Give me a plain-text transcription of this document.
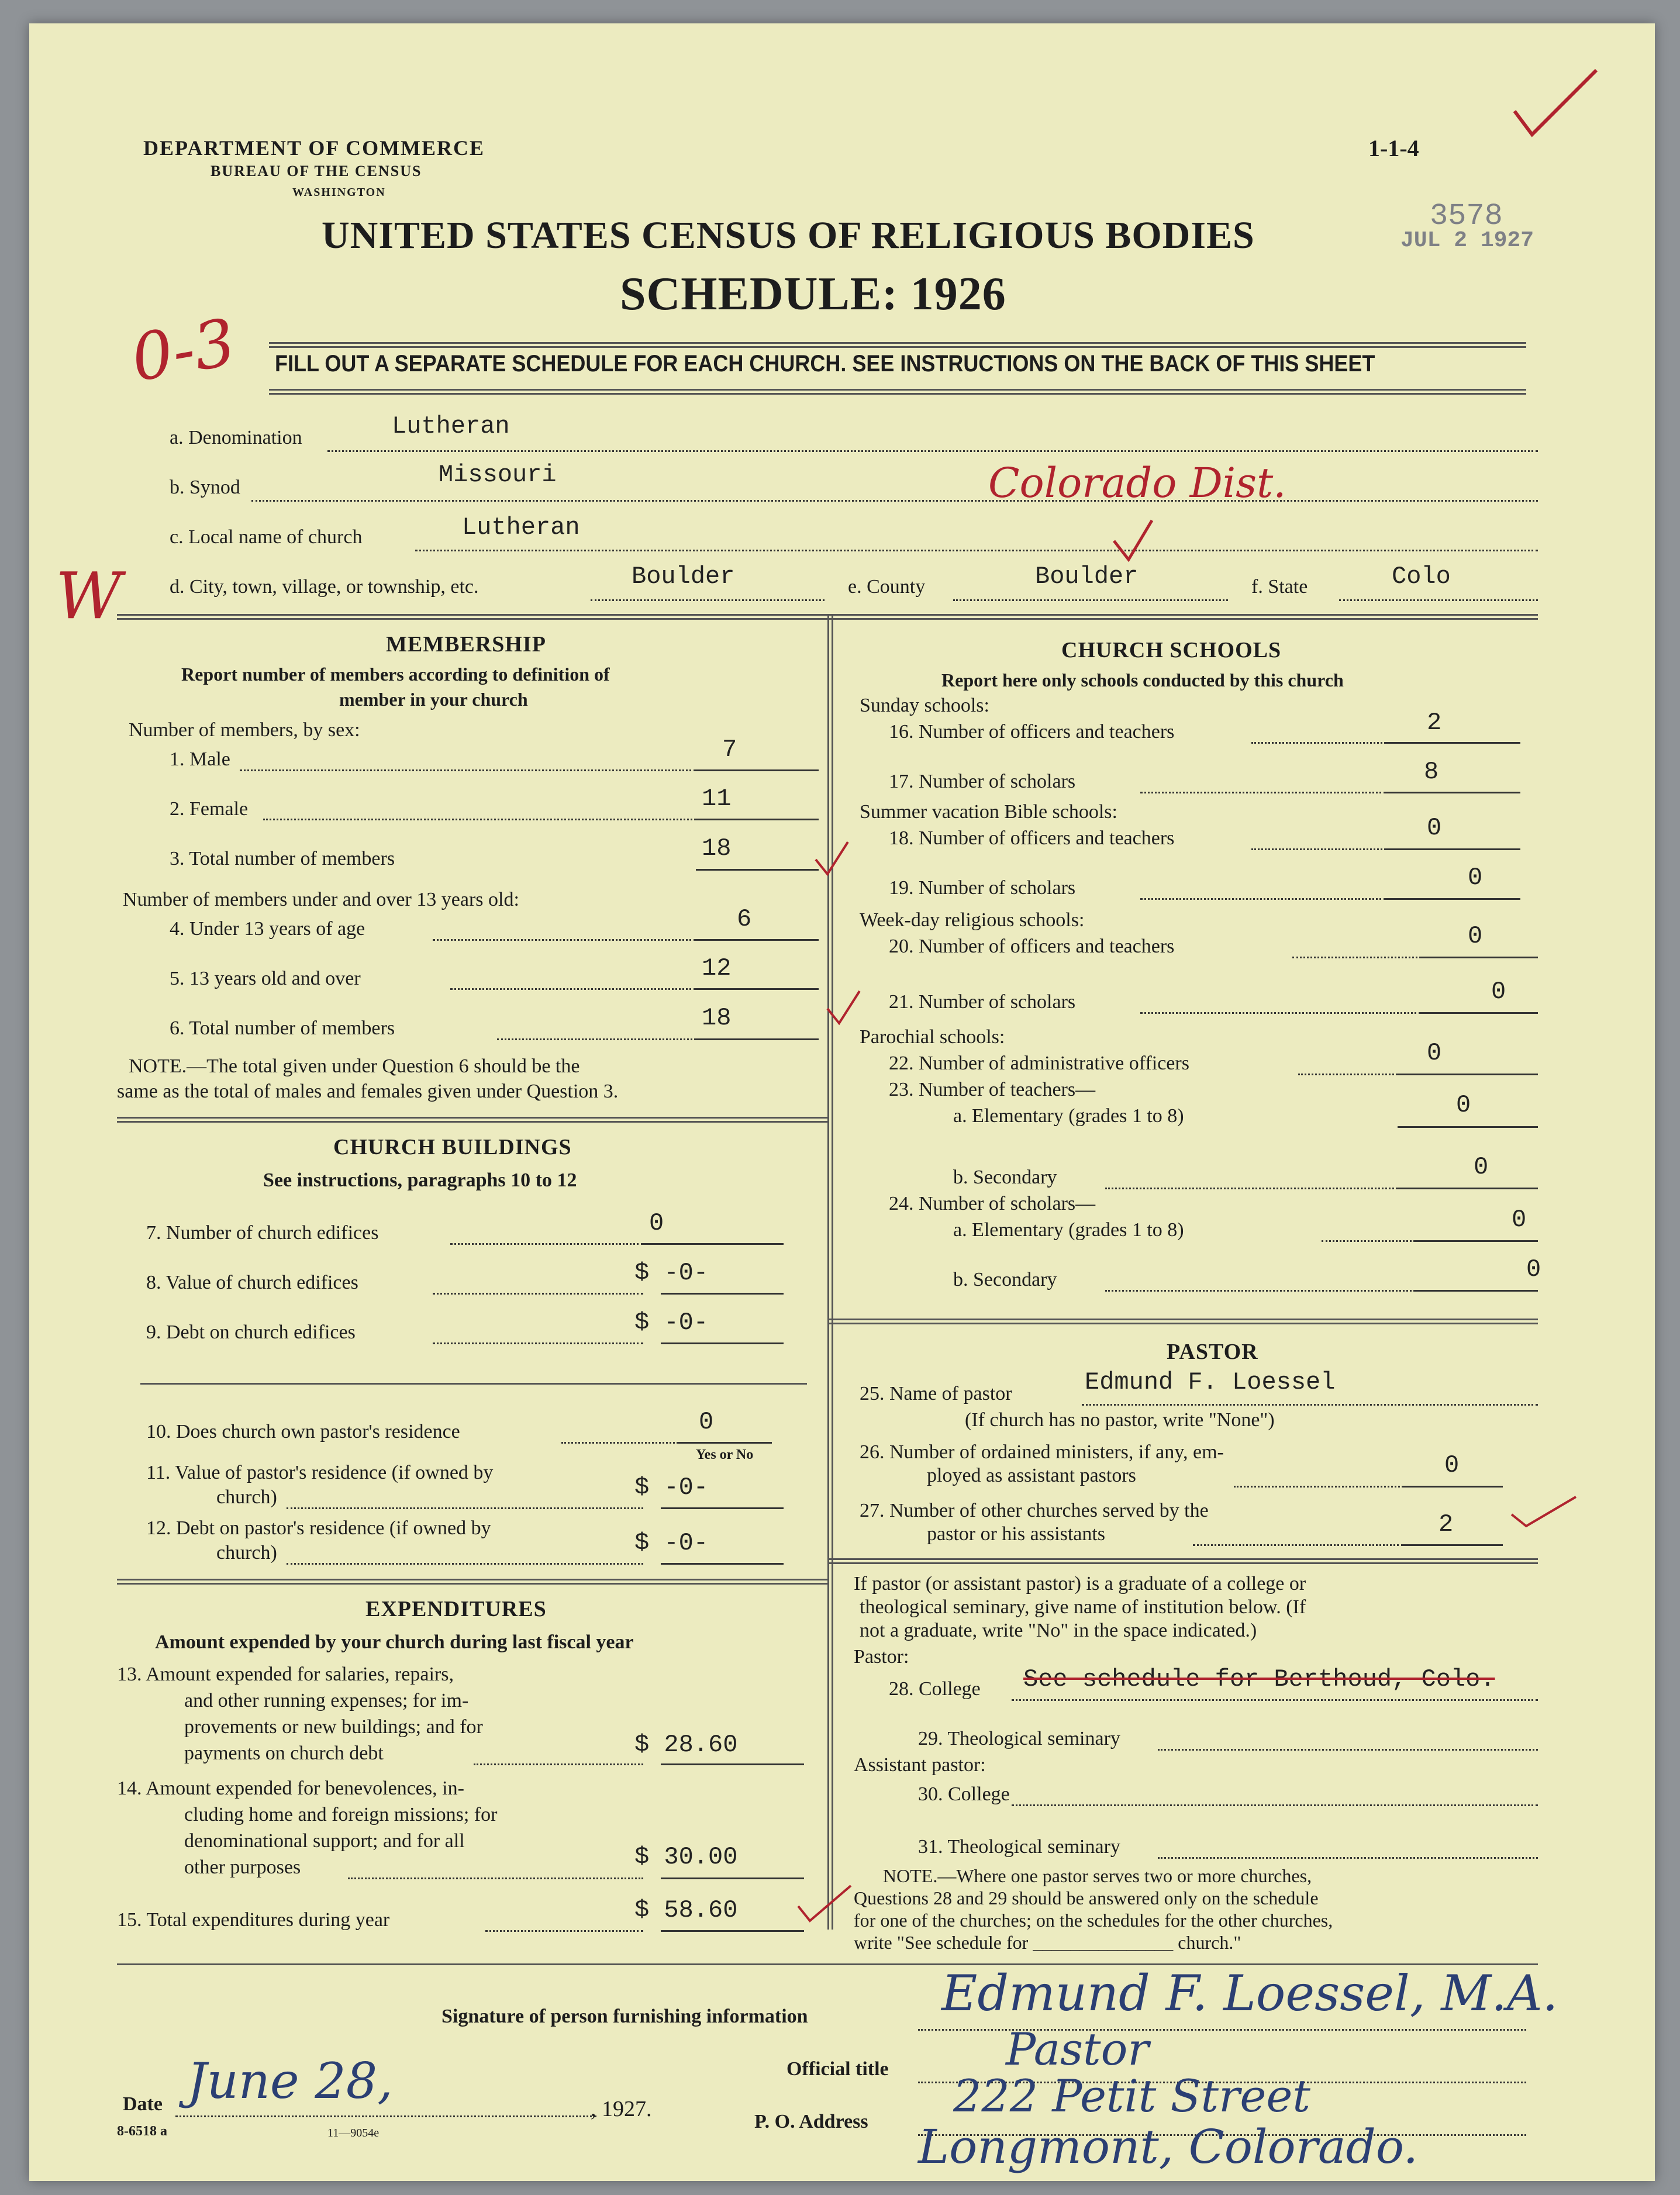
DEPARTMENT OF COMMERCE
BUREAU OF THE CENSUS
WASHINGTON
1-1-4
UNITED STATES CENSUS OF RELIGIOUS BODIES
SCHEDULE: 1926
3578
JUL 2 1927
0-3 FILL OUT A SEPARATE SCHEDULE FOR EACH CHURCH. SEE INSTRUCTIONS ON THE BACK OF THIS SHEET
a. Denomination	Lutheran
b. Synod	Missouri	Colorado Dist.
c. Local name of church	Lutheran
W d. City, town, village, or township, etc.	Boulder	e. County	Boulder	f. State	Colo
MEMBERSHIP
Report number of members according to definition of
member in your church
Number of members, by sex:
1. Male	7
2. Female	11
3. Total number of members	18
Number of members under and over 13 years old:
4. Under 13 years of age	6
5. 13 years old and over	12
6. Total number of members	18
NOTE.—The total given under Question 6 should be the
same as the total of males and females given under Question 3.
CHURCH BUILDINGS
See instructions, paragraphs 10 to 12
7. Number of church edifices	0
8. Value of church edifices	$ -0-
9. Debt on church edifices	$ -0-
10. Does church own pastor's residence	0
Yes or No
11. Value of pastor's residence (if owned by
church)	$ -0-
12. Debt on pastor's residence (if owned by
church)	$ -0-
EXPENDITURES
Amount expended by your church during last fiscal year
13. Amount expended for salaries, repairs,
and other running expenses; for im-
provements or new buildings; and for
payments on church debt	$ 28.60
14. Amount expended for benevolences, in-
cluding home and foreign missions; for
denominational support; and for all
other purposes	$ 30.00
15. Total expenditures during year	$ 58.60
CHURCH SCHOOLS
Report here only schools conducted by this church
Sunday schools:
16. Number of officers and teachers	2
17. Number of scholars	8
Summer vacation Bible schools:
18. Number of officers and teachers	0
19. Number of scholars	0
Week-day religious schools:
20. Number of officers and teachers	0
21. Number of scholars	0
Parochial schools:
22. Number of administrative officers	0
23. Number of teachers—
a. Elementary (grades 1 to 8)	0
b. Secondary	0
24. Number of scholars—
a. Elementary (grades 1 to 8)	0
b. Secondary	0
PASTOR
25. Name of pastor	Edmund F. Loessel
(If church has no pastor, write "None")
26. Number of ordained ministers, if any, em-
ployed as assistant pastors	0
27. Number of other churches served by the
pastor or his assistants	2
If pastor (or assistant pastor) is a graduate of a college or
theological seminary, give name of institution below. (If
not a graduate, write "No" in the space indicated.)
Pastor:
28. College See schedule for Berthoud, Colo.
29. Theological seminary
Assistant pastor:
30. College
31. Theological seminary
NOTE.—Where one pastor serves two or more churches,
Questions 28 and 29 should be answered only on the schedule
for one of the churches; on the schedules for the other churches,
write "See schedule for _______________ church."
Signature of person furnishing information	Edmund F. Loessel, M.A.
Official title	Pastor
Date June 28,	, 1927.
8-6518 a	11—9054e
P. O. Address 222 Petit Street
Longmont, Colorado.
